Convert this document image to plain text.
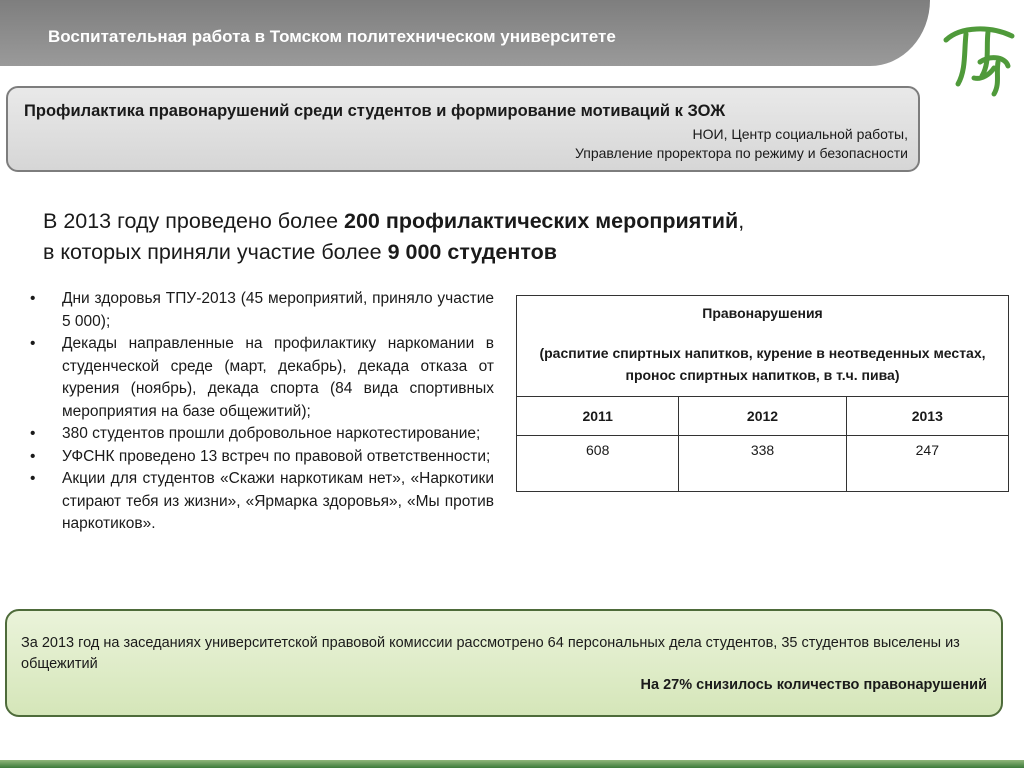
Воспитательная работа в Томском политехническом университете
Профилактика правонарушений среди студентов и формирование мотиваций к ЗОЖ
НОИ, Центр социальной работы,
Управление проректора по режиму и безопасности
В 2013 году проведено более 200 профилактических мероприятий,
в которых приняли участие более 9 000 студентов
• Дни здоровья ТПУ-2013 (45 мероприятий, приняло участие 5 000);
• Декады направленные на профилактику наркомании в студенческой среде (март, декабрь), декада отказа от курения (ноябрь), декада спорта (84 вида спортивных мероприятия на базе общежитий);
• 380 студентов прошли добровольное наркотестирование;
• УФСНК проведено 13 встреч по правовой ответственности;
• Акции для студентов «Скажи наркотикам нет», «Наркотики стирают тебя из жизни», «Ярмарка здоровья», «Мы против наркотиков».
Правонарушения
(распитие спиртных напитков, курение в неотведенных местах, пронос спиртных напитков, в т.ч. пива)		
2011	2012	2013
608	338	247
За 2013 год на заседаниях университетской правовой комиссии рассмотрено 64 персональных дела студентов, 35 студентов выселены из общежитий
На 27% снизилось количество правонарушений
